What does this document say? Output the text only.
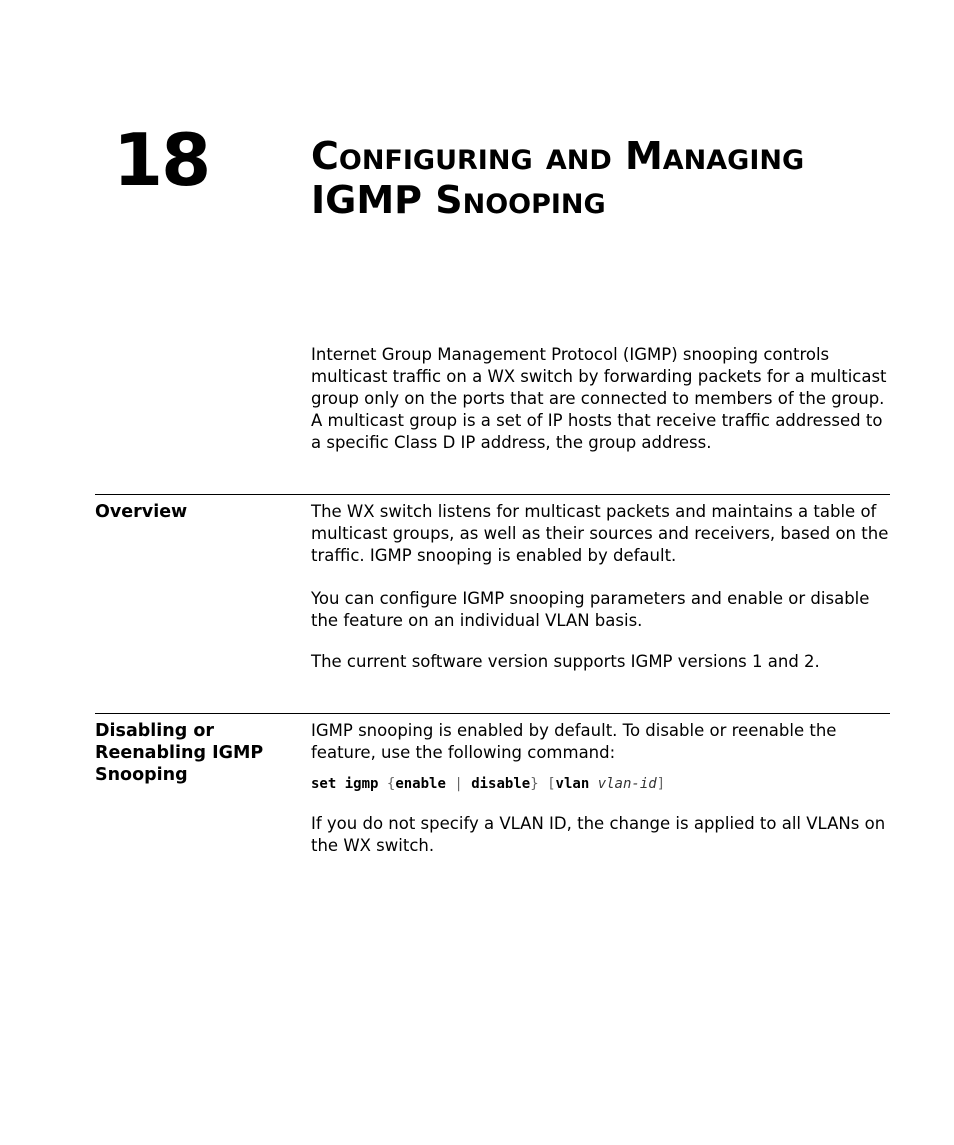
18	Configuring and Managing
IGMP Snooping

Internet Group Management Protocol (IGMP) snooping controls multicast traffic on a WX switch by forwarding packets for a multicast group only on the ports that are connected to members of the group. A multicast group is a set of IP hosts that receive traffic addressed to a specific Class D IP address, the group address.

Overview	The WX switch listens for multicast packets and maintains a table of multicast groups, as well as their sources and receivers, based on the traffic. IGMP snooping is enabled by default.

You can configure IGMP snooping parameters and enable or disable the feature on an individual VLAN basis.

The current software version supports IGMP versions 1 and 2.

Disabling or Reenabling IGMP Snooping

IGMP snooping is enabled by default. To disable or reenable the feature, use the following command:

set igmp {enable | disable} [vlan vlan-id]

If you do not specify a VLAN ID, the change is applied to all VLANs on the WX switch.
